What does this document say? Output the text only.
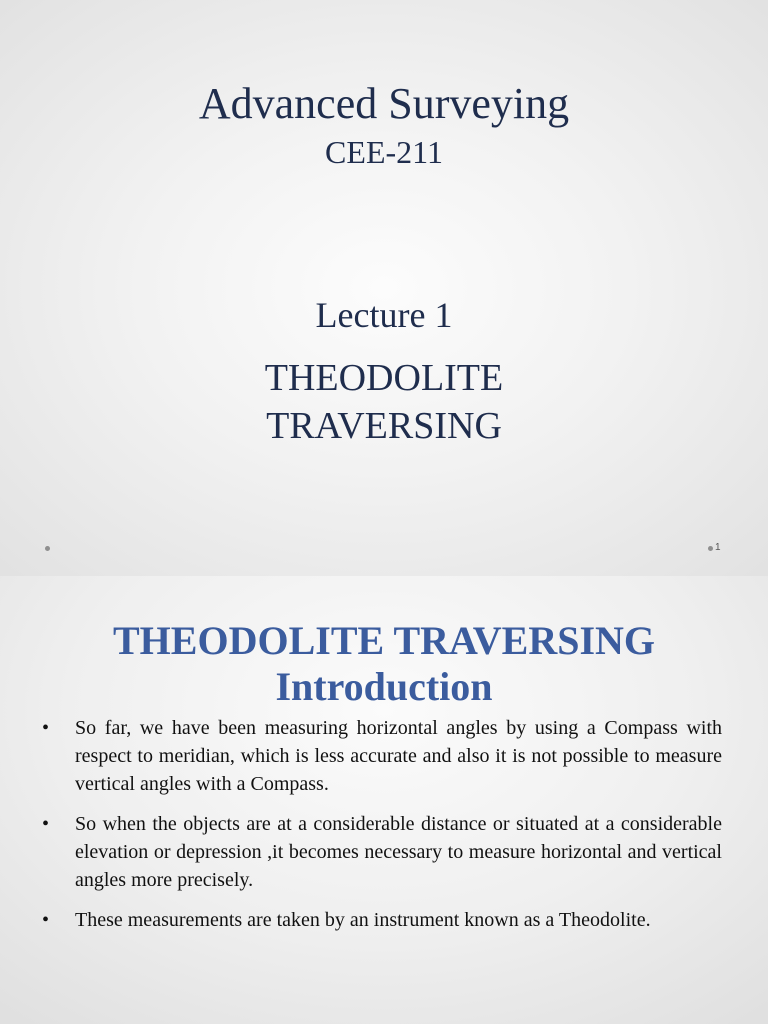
Advanced Surveying
CEE-211
Lecture 1
THEODOLITE
TRAVERSING
1
THEODOLITE TRAVERSING
Introduction
• So far, we have been measuring horizontal angles by using a Compass with respect to meridian, which is less accurate and also it is not possible to measure vertical angles with a Compass.
• So when the objects are at a considerable distance or situated at a considerable elevation or depression ,it becomes necessary to measure horizontal and vertical angles more precisely.
• These measurements are taken by an instrument known as a Theodolite.
